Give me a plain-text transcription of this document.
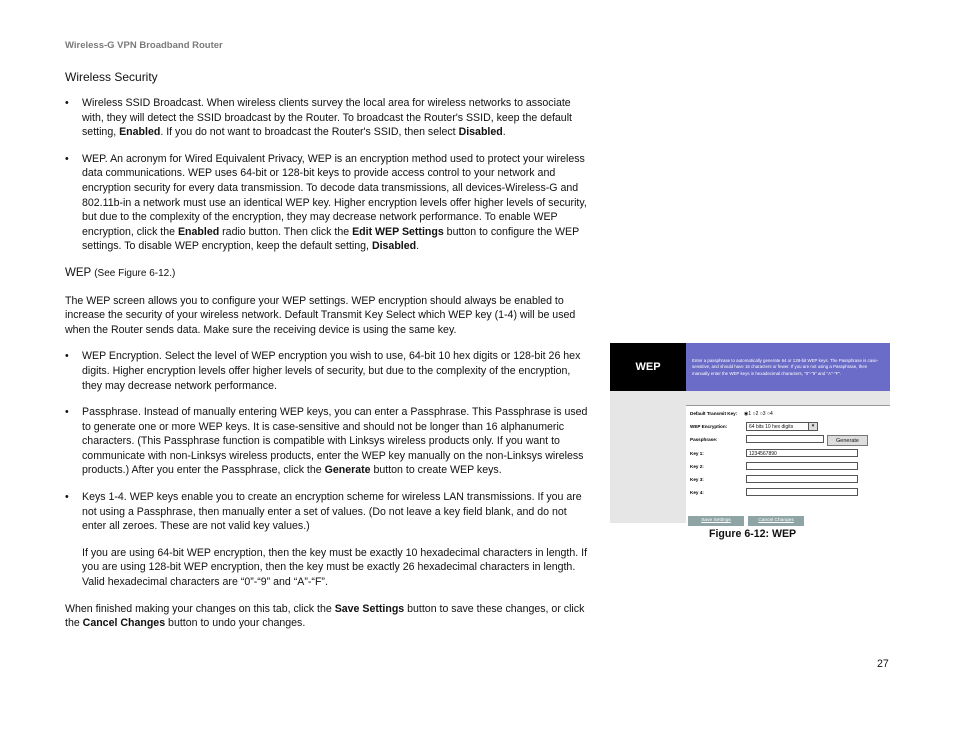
Wireless-G VPN Broadband Router
Wireless Security
• Wireless SSID Broadcast. When wireless clients survey the local area for wireless networks to associate with, they will detect the SSID broadcast by the Router. To broadcast the Router's SSID, keep the default setting, Enabled. If you do not want to broadcast the Router's SSID, then select Disabled.
• WEP. An acronym for Wired Equivalent Privacy, WEP is an encryption method used to protect your wireless data communications. WEP uses 64-bit or 128-bit keys to provide access control to your network and encryption security for every data transmission. To decode data transmissions, all devices-Wireless-G and 802.11b-in a network must use an identical WEP key. Higher encryption levels offer higher levels of security, but due to the complexity of the encryption, they may decrease network performance. To enable WEP encryption, click the Enabled radio button. Then click the Edit WEP Settings button to configure the WEP settings. To disable WEP encryption, keep the default setting, Disabled.
WEP (See Figure 6-12.)
The WEP screen allows you to configure your WEP settings. WEP encryption should always be enabled to increase the security of your wireless network. Default Transmit Key Select which WEP key (1-4) will be used when the Router sends data. Make sure the receiving device is using the same key.
• WEP Encryption. Select the level of WEP encryption you wish to use, 64-bit 10 hex digits or 128-bit 26 hex digits. Higher encryption levels offer higher levels of security, but due to the complexity of the encryption, they may decrease network performance.
• Passphrase. Instead of manually entering WEP keys, you can enter a Passphrase. This Passphrase is used to generate one or more WEP keys. It is case-sensitive and should not be longer than 16 alphanumeric characters. (This Passphrase function is compatible with Linksys wireless products only. If you want to communicate with non-Linksys wireless products, enter the WEP key manually on the non-Linksys wireless products.) After you enter the Passphrase, click the Generate button to create WEP keys.
• Keys 1-4. WEP keys enable you to create an encryption scheme for wireless LAN transmissions. If you are not using a Passphrase, then manually enter a set of values. (Do not leave a key field blank, and do not enter all zeroes. These are not valid key values.)
If you are using 64-bit WEP encryption, then the key must be exactly 10 hexadecimal characters in length. If you are using 128-bit WEP encryption, then the key must be exactly 26 hexadecimal characters in length. Valid hexadecimal characters are “0”-“9” and “A”-“F”.
When finished making your changes on this tab, click the Save Settings button to save these changes, or click the Cancel Changes button to undo your changes.
WEP
Enter a passphrase to automatically generate 64 or 128-bit WEP keys. The Passphrase is case-sensitive, and should have 16 characters or fewer. If you are not using a Passphrase, then manually enter the WEP keys in hexadecimal characters, "0"-"9" and "A"-"F".
Default Transmit Key: ◉1 ○2 ○3 ○4
WEP Encryption:	64 bits 10 hex digits	▾
Passphrase:	Generate
Key 1:	1234567890
Key 2:
Key 3:
Key 4:
Save Settings	Cancel Changes
Figure 6-12: WEP
27
